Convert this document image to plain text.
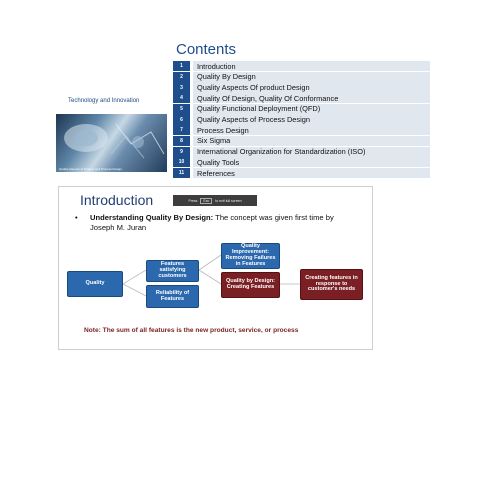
Contents
Technology and Innovation
Quality Aspects of Product and Process Design
1	Introduction
2	Quality By Design
3	Quality Aspects Of product Design
4	Quality Of Design, Quality Of Conformance
5	Quality Functional Deployment (QFD)
6	Quality Aspects of Process Design
7	Process Design
8	Six Sigma
9	International Organization for Standardization (ISO)
10	Quality Tools
11	References
Introduction	Press	Esc	to exit full screen
• Understanding Quality By Design: The concept was given first time by Joseph M. Juran
Quality
Features satisfying customers
Reliability of Features
Quality Improvement: Removing Failures in Features
Quality by Design: Creating Features
Creating features in response to customer's needs
Note: The sum of all features is the new product, service, or process
